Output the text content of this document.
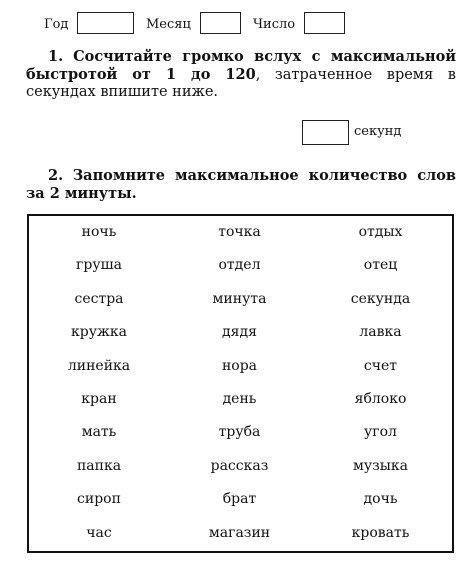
Год	Месяц	Число

1. Сосчитайте громко вслух с максимальной быстротой от 1 до 120, затраченное время в секундах впишите ниже.

секунд

2. Запомните максимальное количество слов за 2 минуты.

ночь	точка	отдых
груша	отдел	отец
сестра	минута	секунда
кружка	дядя	лавка
линейка	нора	счет
кран	день	яблоко
мать	труба	угол
папка	рассказ	музыка
сироп	брат	дочь
час	магазин	кровать
